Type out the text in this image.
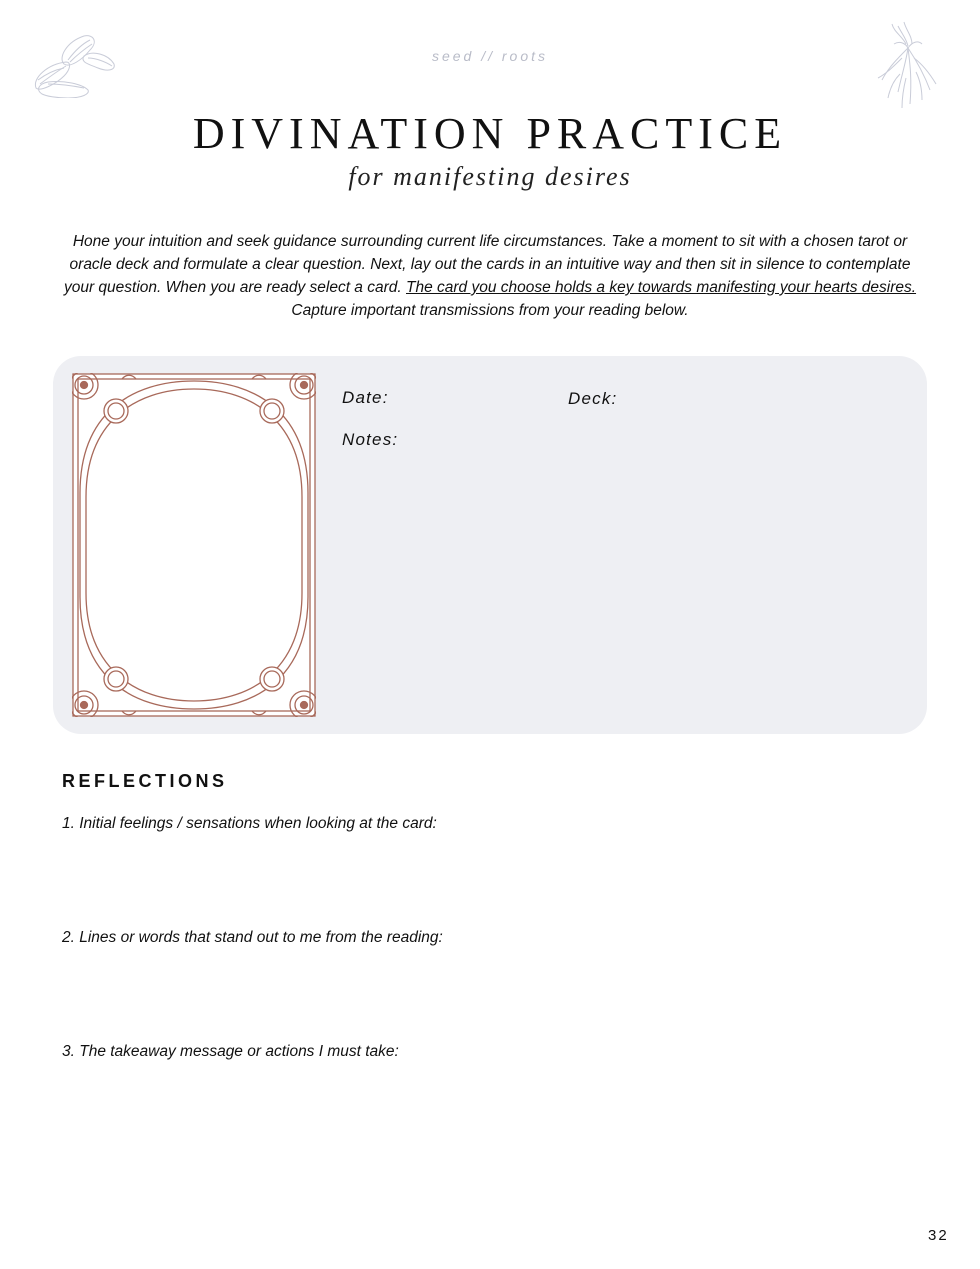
seed // roots
DIVINATION PRACTICE
for manifesting desires
Hone your intuition and seek guidance surrounding current life circumstances. Take a moment to sit with a chosen tarot or oracle deck and formulate a clear question. Next, lay out the cards in an intuitive way and then sit in silence to contemplate your question. When you are ready select a card. The card you choose holds a key towards manifesting your hearts desires. Capture important transmissions from your reading below.
Date:	Deck:
Notes:
REFLECTIONS
1. Initial feelings / sensations when looking at the card:
2. Lines or words that stand out to me from the reading:
3. The takeaway message or actions I must take:
32
